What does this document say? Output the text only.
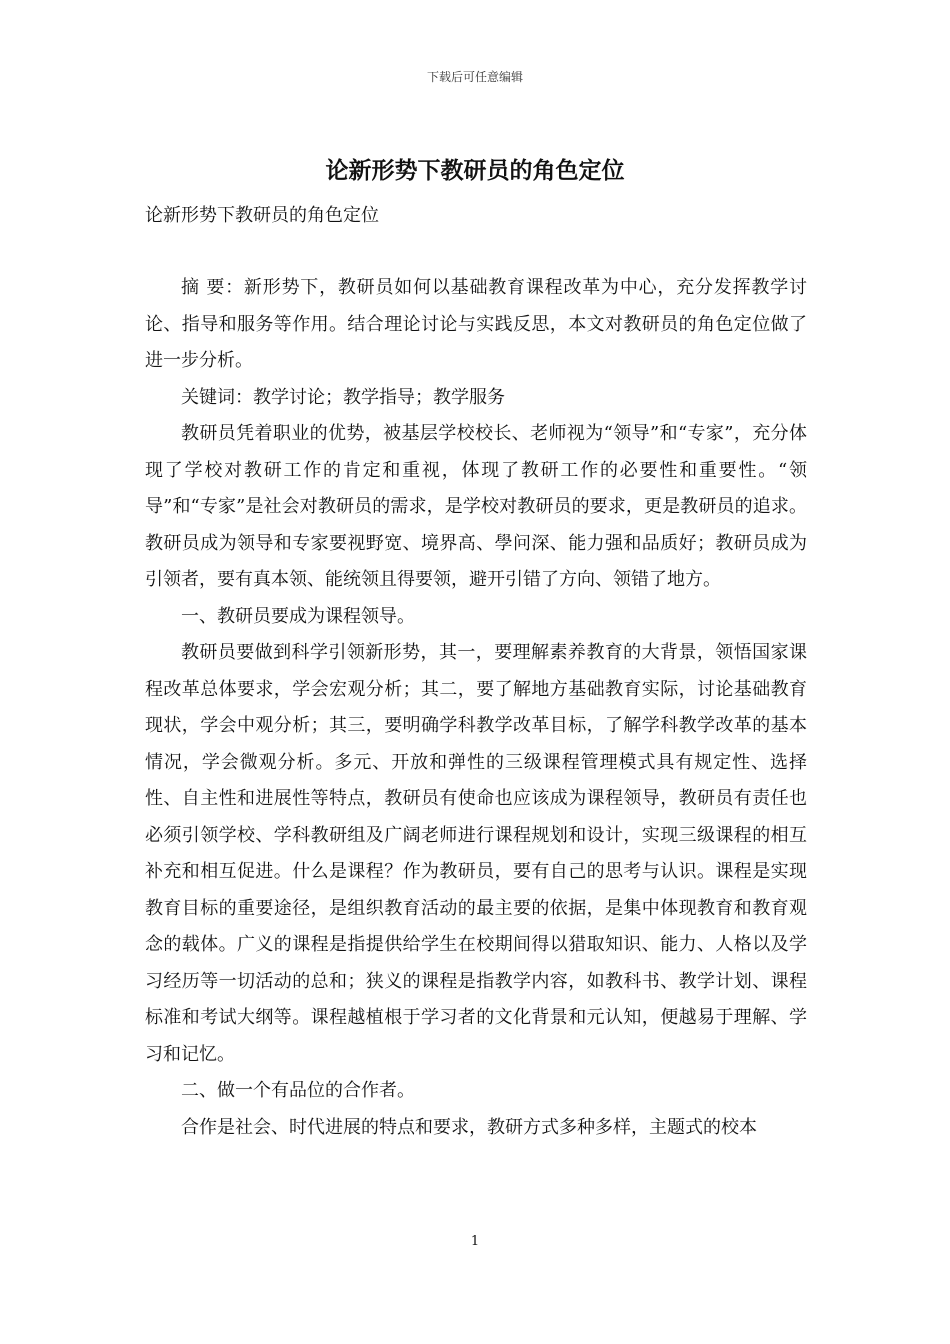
下载后可任意编辑
论新形势下教研员的角色定位
论新形势下教研员的角色定位

摘 要：新形势下，教研员如何以基础教育课程改革为中心，充分发挥教学讨论、指导和服务等作用。结合理论讨论与实践反思，本文对教研员的角色定位做了进一步分析。

关键词：教学讨论；教学指导；教学服务

教研员凭着职业的优势，被基层学校校长、老师视为“领导”和“专家”，充分体现了学校对教研工作的肯定和重视，体现了教研工作的必要性和重要性。“领导”和“专家”是社会对教研员的需求，是学校对教研员的要求，更是教研员的追求。教研员成为领导和专家要视野宽、境界高、學问深、能力强和品质好；教研员成为引领者，要有真本领、能统领且得要领，避开引错了方向、领错了地方。

一、教研员要成为课程领导。

教研员要做到科学引领新形势，其一，要理解素养教育的大背景，领悟国家课程改革总体要求，学会宏观分析；其二，要了解地方基础教育实际，讨论基础教育现状，学会中观分析；其三，要明确学科教学改革目标，了解学科教学改革的基本情况，学会微观分析。多元、开放和弹性的三级课程管理模式具有规定性、选择性、自主性和进展性等特点，教研员有使命也应该成为课程领导，教研员有责任也必须引领学校、学科教研组及广阔老师进行课程规划和设计，实现三级课程的相互补充和相互促进。什么是课程？作为教研员，要有自己的思考与认识。课程是实现教育目标的重要途径，是组织教育活动的最主要的依据，是集中体现教育和教育观念的载体。广义的课程是指提供给学生在校期间得以猎取知识、能力、人格以及学习经历等一切活动的总和；狭义的课程是指教学内容，如教科书、教学计划、课程标准和考试大纲等。课程越植根于学习者的文化背景和元认知，便越易于理解、学习和记忆。

二、做一个有品位的合作者。

合作是社会、时代进展的特点和要求，教研方式多种多样，主题式的校本

1
